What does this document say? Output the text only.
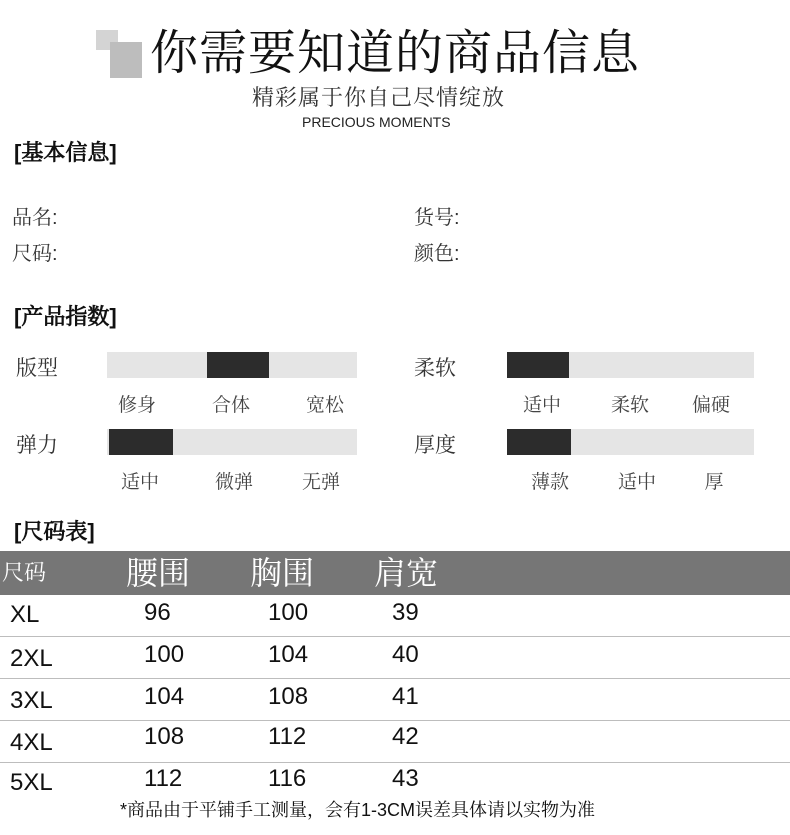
你需要知道的商品信息
精彩属于你自己尽情绽放
PRECIOUS MOMENTS
[基本信息]
品名:	货号:
尺码:	颜色:
[产品指数]
版型
修身	合体	宽松
柔软
适中	柔软 偏硬
弹力
适中	微弹	无弹
厚度
薄款	适中	厚
[尺码表]
尺码 腰围 胸围 肩宽
XL	96	100	39
2XL	100	104	40
3XL	104	108	41
4XL	108	112	42
5XL	112	116	43
*商品由于平铺手工测量，会有1-3CM误差具体请以实物为准
